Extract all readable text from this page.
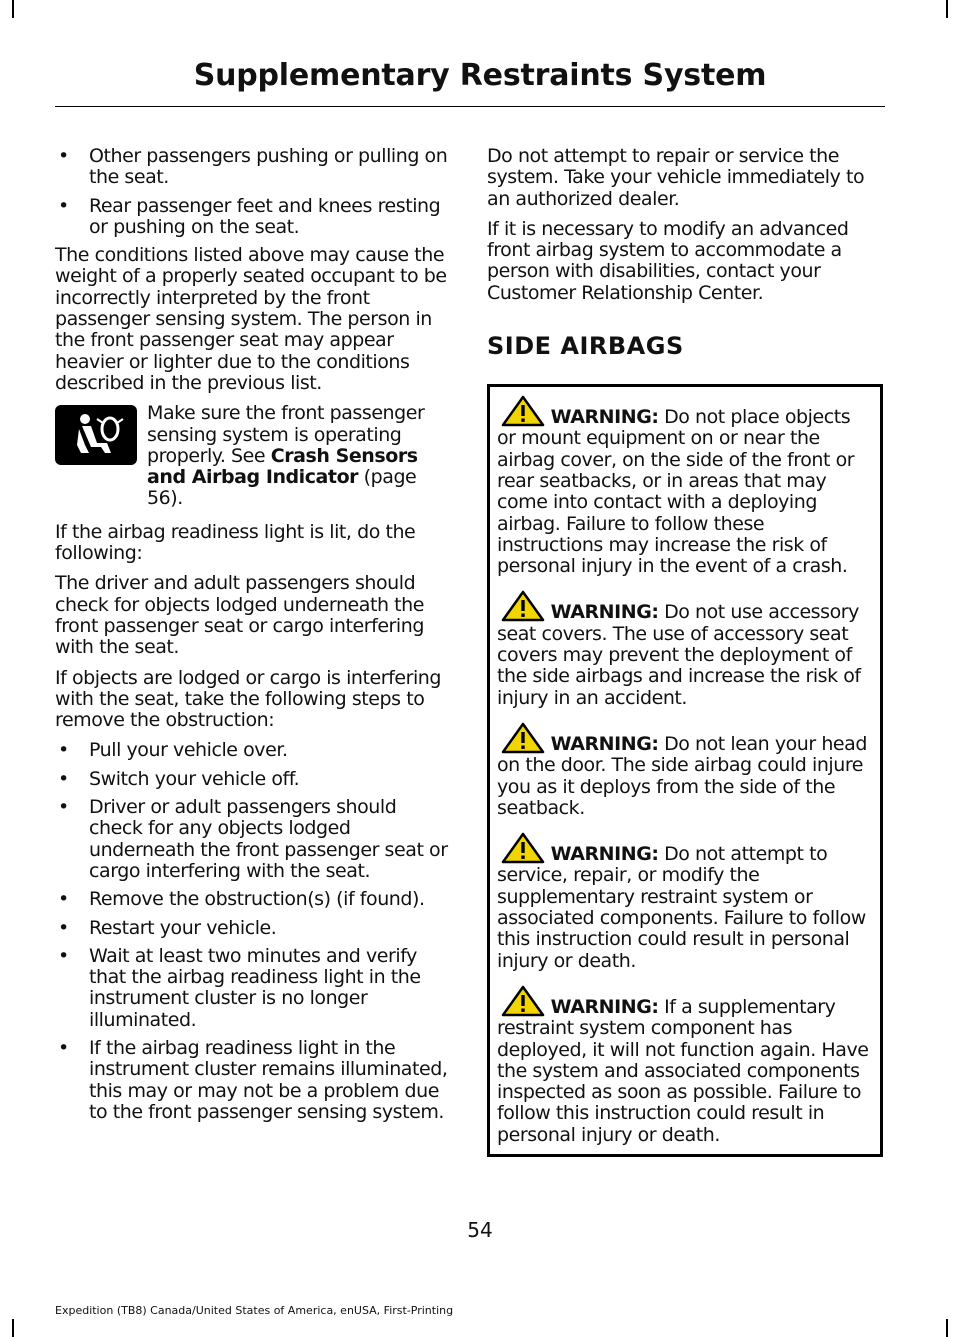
Supplementary Restraints System
• Other passengers pushing or pulling on the seat.
• Rear passenger feet and knees resting or pushing on the seat.

The conditions listed above may cause the weight of a properly seated occupant to be incorrectly interpreted by the front passenger sensing system. The person in the front passenger seat may appear heavier or lighter due to the conditions described in the previous list.

Make sure the front passenger sensing system is operating properly. See Crash Sensors and Airbag Indicator (page 56).

If the airbag readiness light is lit, do the following:

The driver and adult passengers should check for objects lodged underneath the front passenger seat or cargo interfering with the seat.

If objects are lodged or cargo is interfering with the seat, take the following steps to remove the obstruction:

• Pull your vehicle over.
• Switch your vehicle off.
• Driver or adult passengers should check for any objects lodged underneath the front passenger seat or cargo interfering with the seat.
• Remove the obstruction(s) (if found).
• Restart your vehicle.
• Wait at least two minutes and verify that the airbag readiness light in the instrument cluster is no longer illuminated.
• If the airbag readiness light in the instrument cluster remains illuminated, this may or may not be a problem due to the front passenger sensing system.

Do not attempt to repair or service the system. Take your vehicle immediately to an authorized dealer.

If it is necessary to modify an advanced front airbag system to accommodate a person with disabilities, contact your Customer Relationship Center.

SIDE AIRBAGS
WARNING: Do not place objects or mount equipment on or near the airbag cover, on the side of the front or rear seatbacks, or in areas that may come into contact with a deploying airbag. Failure to follow these instructions may increase the risk of personal injury in the event of a crash.
WARNING: Do not use accessory seat covers. The use of accessory seat covers may prevent the deployment of the side airbags and increase the risk of injury in an accident.
WARNING: Do not lean your head on the door. The side airbag could injure you as it deploys from the side of the seatback.
WARNING: Do not attempt to service, repair, or modify the supplementary restraint system or associated components. Failure to follow this instruction could result in personal injury or death.
WARNING: If a supplementary restraint system component has deployed, it will not function again. Have the system and associated components inspected as soon as possible. Failure to follow this instruction could result in personal injury or death.
54
Expedition (TB8) Canada/United States of America, enUSA, First-Printing
